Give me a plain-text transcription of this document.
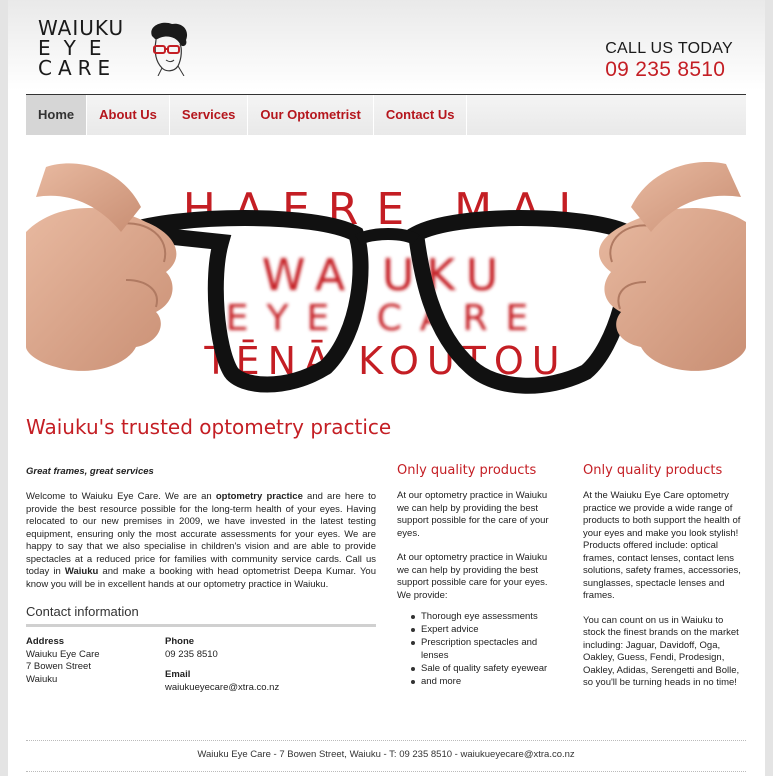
WAIUKU
EYE
CARE
CALL US TODAY
09 235 8510
Home	About Us	Services	Our Optometrist	Contact Us
HAERE MAI
WAIUKU
EYE CARE
TĒNĀ KOUTOU
Waiuku's trusted optometry practice
Great frames, great services

Welcome to Waiuku Eye Care. We are an optometry practice and are here to provide the best resource possible for the long-term health of your eyes. Having relocated to our new premises in 2009, we have invested in the latest testing equipment, ensuring only the most accurate assessments for your eyes. We are happy to say that we also specialise in children's vision and are able to provide spectacles at a reduced price for families with community service cards. Call us today in Waiuku and make a booking with head optometrist Deepa Kumar. You know you will be in excellent hands at our optometry practice in Waiuku.

Contact information
Address
Waiuku Eye Care
7 Bowen Street
Waiuku
Phone
09 235 8510
Email
waiukueyecare@xtra.co.nz
Only quality products

At our optometry practice in Waiuku we can help by providing the best support possible for the care of your eyes.

At our optometry practice in Waiuku we can help by providing the best support possible care for your eyes. We provide:

Thorough eye assessments
Expert advice
Prescription spectacles and lenses
Sale of quality safety eyewear
and more
Only quality products

At the Waiuku Eye Care optometry practice we provide a wide range of products to both support the health of your eyes and make you look stylish! Products offered include: optical frames, contact lenses, contact lens solutions, safety frames, accessories, sunglasses, spectacle lenses and frames.

You can count on us in Waiuku to stock the finest brands on the market including: Jaguar, Davidoff, Oga, Oakley, Guess, Fendi, Prodesign, Oakley, Adidas, Serengetti and Bolle, so you'll be turning heads in no time!

Waiuku Eye Care - 7 Bowen Street, Waiuku - T: 09 235 8510 - waiukueyecare@xtra.co.nz
